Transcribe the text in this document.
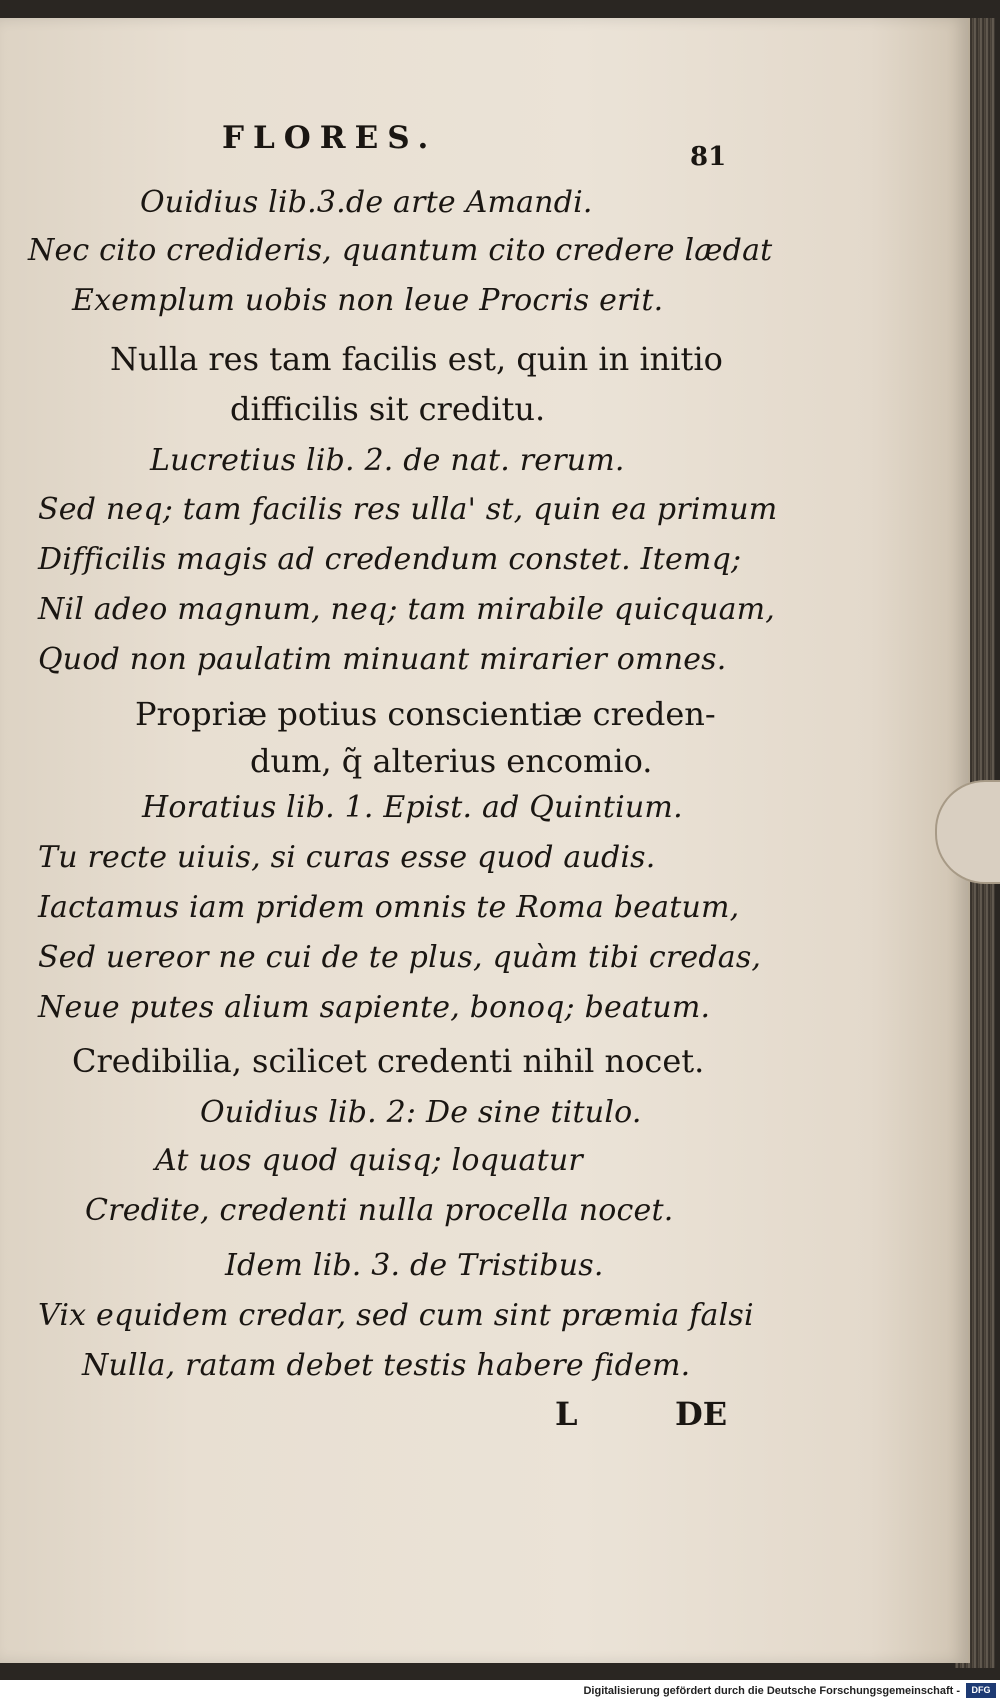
FLORES.
81
Ouidius lib.3.de arte Amandi.
Nec cito credideris, quantum cito credere lædat
Exemplum uobis non leue Procris erit.
Nulla res tam facilis est, quin in initio
difficilis sit creditu.
Lucretius lib. 2. de nat. rerum.
Sed neq; tam facilis res ulla' st, quin ea primum
Difficilis magis ad credendum constet. Itemq;
Nil adeo magnum, neq; tam mirabile quicquam,
Quod non paulatim minuant mirarier omnes.
Propriæ potius conscientiæ creden-
dum, q̃ alterius encomio.
Horatius lib. 1. Epist. ad Quintium.
Tu recte uiuis, si curas esse quod audis.
Iactamus iam pridem omnis te Roma beatum,
Sed uereor ne cui de te plus, quàm tibi credas,
Neue putes alium sapiente, bonoq; beatum.
Credibilia, scilicet credenti nihil nocet.
Ouidius lib. 2: De sine titulo.
At uos quod quisq; loquatur
Credite, credenti nulla procella nocet.
Idem lib. 3. de Tristibus.
Vix equidem credar, sed cum sint præmia falsi
Nulla, ratam debet testis habere fidem.
L	DE
Digitalisierung gefördert durch die Deutsche Forschungsgemeinschaft -	DFG
